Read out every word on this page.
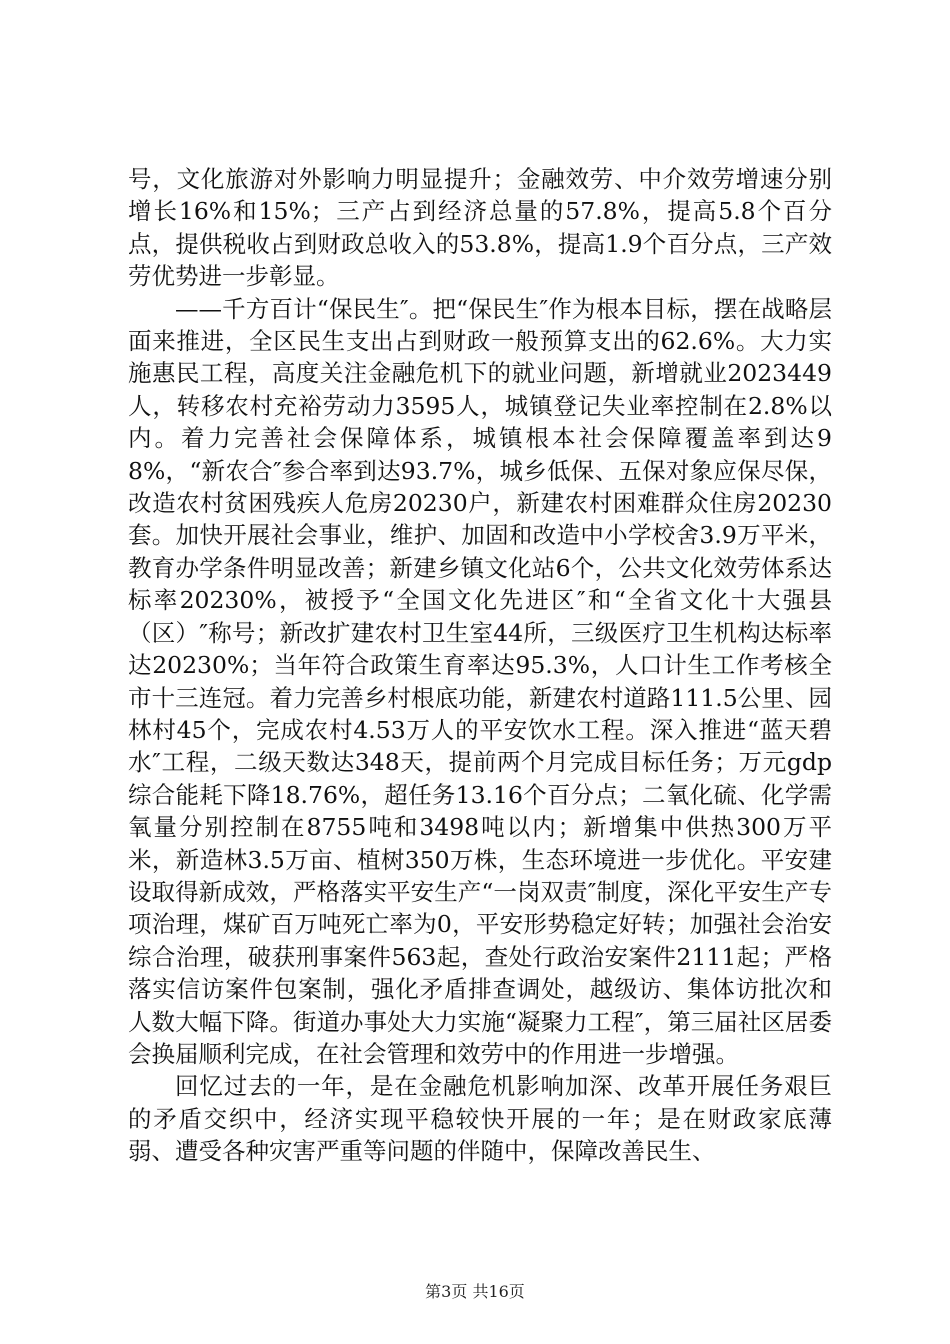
号，文化旅游对外影响力明显提升；金融效劳、中介效劳增速分别增长16%和15%；三产占到经济总量的57.8%，提高5.8个百分点，提供税收占到财政总收入的53.8%，提高1.9个百分点，三产效劳优势进一步彰显。

——千方百计“保民生″。把“保民生″作为根本目标，摆在战略层面来推进，全区民生支出占到财政一般预算支出的62.6%。大力实施惠民工程，高度关注金融危机下的就业问题，新增就业2023449人，转移农村充裕劳动力3595人，城镇登记失业率控制在2.8%以内。着力完善社会保障体系，城镇根本社会保障覆盖率到达98%，“新农合″参合率到达93.7%，城乡低保、五保对象应保尽保，改造农村贫困残疾人危房20230户，新建农村困难群众住房20230套。加快开展社会事业，维护、加固和改造中小学校舍3.9万平米，教育办学条件明显改善；新建乡镇文化站6个，公共文化效劳体系达标率20230%，被授予“全国文化先进区″和“全省文化十大强县（区）″称号；新改扩建农村卫生室44所，三级医疗卫生机构达标率达20230%；当年符合政策生育率达95.3%，人口计生工作考核全市十三连冠。着力完善乡村根底功能，新建农村道路111.5公里、园林村45个，完成农村4.53万人的平安饮水工程。深入推进“蓝天碧水″工程，二级天数达348天，提前两个月完成目标任务；万元gdp综合能耗下降18.76%，超任务13.16个百分点；二氧化硫、化学需氧量分别控制在8755吨和3498吨以内；新增集中供热300万平米，新造林3.5万亩、植树350万株，生态环境进一步优化。平安建设取得新成效，严格落实平安生产“一岗双责″制度，深化平安生产专项治理，煤矿百万吨死亡率为0，平安形势稳定好转；加强社会治安综合治理，破获刑事案件563起，查处行政治安案件2111起；严格落实信访案件包案制，强化矛盾排查调处，越级访、集体访批次和人数大幅下降。街道办事处大力实施“凝聚力工程″，第三届社区居委会换届顺利完成，在社会管理和效劳中的作用进一步增强。

回忆过去的一年，是在金融危机影响加深、改革开展任务艰巨的矛盾交织中，经济实现平稳较快开展的一年；是在财政家底薄弱、遭受各种灾害严重等问题的伴随中，保障改善民生、

第3页 共16页
